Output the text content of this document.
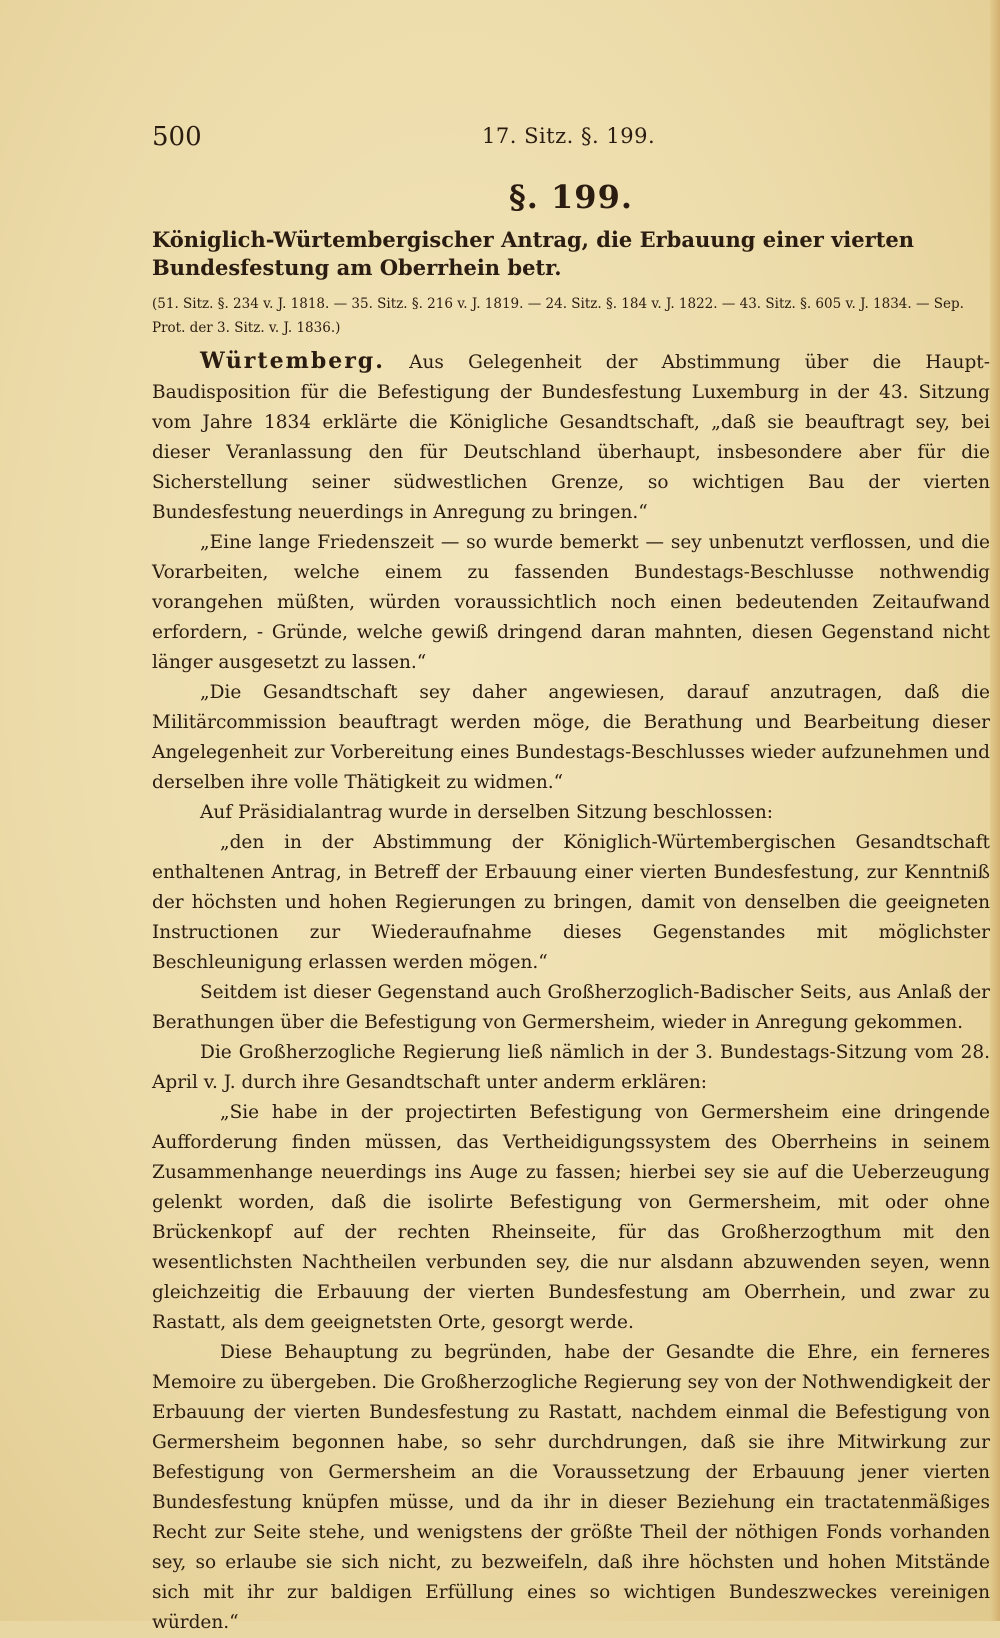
500	17. Sitz. §. 199.
§. 199.
Königlich-Würtembergischer Antrag, die Erbauung einer vierten Bundesfestung am Oberrhein betr.
(51. Sitz. §. 234 v. J. 1818. — 35. Sitz. §. 216 v. J. 1819. — 24. Sitz. §. 184 v. J. 1822. — 43. Sitz. §. 605 v. J. 1834. — Sep. Prot. der 3. Sitz. v. J. 1836.)

Würtemberg. Aus Gelegenheit der Abstimmung über die Haupt-Baudisposition für die Befestigung der Bundesfestung Luxemburg in der 43. Sitzung vom Jahre 1834 erklärte die Königliche Gesandtschaft, „daß sie beauftragt sey, bei dieser Veranlassung den für Deutschland überhaupt, insbesondere aber für die Sicherstellung seiner südwestlichen Grenze, so wichtigen Bau der vierten Bundesfestung neuerdings in Anregung zu bringen.“

„Eine lange Friedenszeit — so wurde bemerkt — sey unbenutzt verflossen, und die Vorarbeiten, welche einem zu fassenden Bundestags-Beschlusse nothwendig vorangehen müßten, würden voraussichtlich noch einen bedeutenden Zeitaufwand erfordern, - Gründe, welche gewiß dringend daran mahnten, diesen Gegenstand nicht länger ausgesetzt zu lassen.“

„Die Gesandtschaft sey daher angewiesen, darauf anzutragen, daß die Militärcommission beauftragt werden möge, die Berathung und Bearbeitung dieser Angelegenheit zur Vorbereitung eines Bundestags-Beschlusses wieder aufzunehmen und derselben ihre volle Thätigkeit zu widmen.“

Auf Präsidialantrag wurde in derselben Sitzung beschlossen:

„den in der Abstimmung der Königlich-Würtembergischen Gesandtschaft enthaltenen Antrag, in Betreff der Erbauung einer vierten Bundesfestung, zur Kenntniß der höchsten und hohen Regierungen zu bringen, damit von denselben die geeigneten Instructionen zur Wiederaufnahme dieses Gegenstandes mit möglichster Beschleunigung erlassen werden mögen.“

Seitdem ist dieser Gegenstand auch Großherzoglich-Badischer Seits, aus Anlaß der Berathungen über die Befestigung von Germersheim, wieder in Anregung gekommen.

Die Großherzogliche Regierung ließ nämlich in der 3. Bundestags-Sitzung vom 28. April v. J. durch ihre Gesandtschaft unter anderm erklären:

„Sie habe in der projectirten Befestigung von Germersheim eine dringende Aufforderung finden müssen, das Vertheidigungssystem des Oberrheins in seinem Zusammenhange neuerdings ins Auge zu fassen; hierbei sey sie auf die Ueberzeugung gelenkt worden, daß die isolirte Befestigung von Germersheim, mit oder ohne Brückenkopf auf der rechten Rheinseite, für das Großherzogthum mit den wesentlichsten Nachtheilen verbunden sey, die nur alsdann abzuwenden seyen, wenn gleichzeitig die Erbauung der vierten Bundesfestung am Oberrhein, und zwar zu Rastatt, als dem geeignetsten Orte, gesorgt werde.

Diese Behauptung zu begründen, habe der Gesandte die Ehre, ein ferneres Memoire zu übergeben. Die Großherzogliche Regierung sey von der Nothwendigkeit der Erbauung der vierten Bundesfestung zu Rastatt, nachdem einmal die Befestigung von Germersheim begonnen habe, so sehr durchdrungen, daß sie ihre Mitwirkung zur Befestigung von Germersheim an die Voraussetzung der Erbauung jener vierten Bundesfestung knüpfen müsse, und da ihr in dieser Beziehung ein tractatenmäßiges Recht zur Seite stehe, und wenigstens der größte Theil der nöthigen Fonds vorhanden sey, so erlaube sie sich nicht, zu bezweifeln, daß ihre höchsten und hohen Mitstände sich mit ihr zur baldigen Erfüllung eines so wichtigen Bundeszweckes vereinigen würden.“
